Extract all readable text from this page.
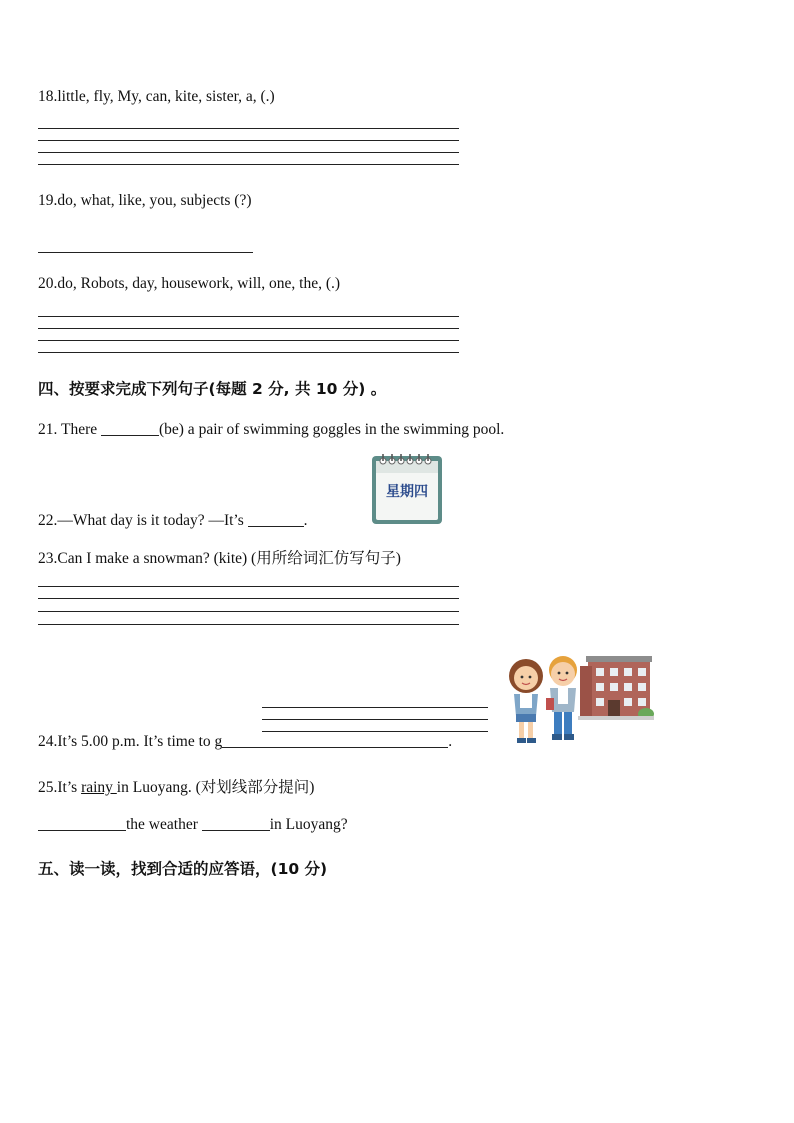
18.little, fly, My, can, kite, sister, a, (.)
19.do, what, like, you, subjects (?)
20.do, Robots, day, housework, will, one, the, (.)
四、按要求完成下列句子(每题 2 分, 共 10 分) 。
21. There	(be) a pair of swimming goggles in the swimming pool.
星期四
22.—What day is it today? —It’s	.
23.Can I make a snowman? (kite) (用所给词汇仿写句子)
24.It’s 5.00 p.m. It’s time to g	.
25.It’s rainy in Luoyang. (对划线部分提问)
the weather	in Luoyang?
五、读一读，找到合适的应答语，(10 分)
